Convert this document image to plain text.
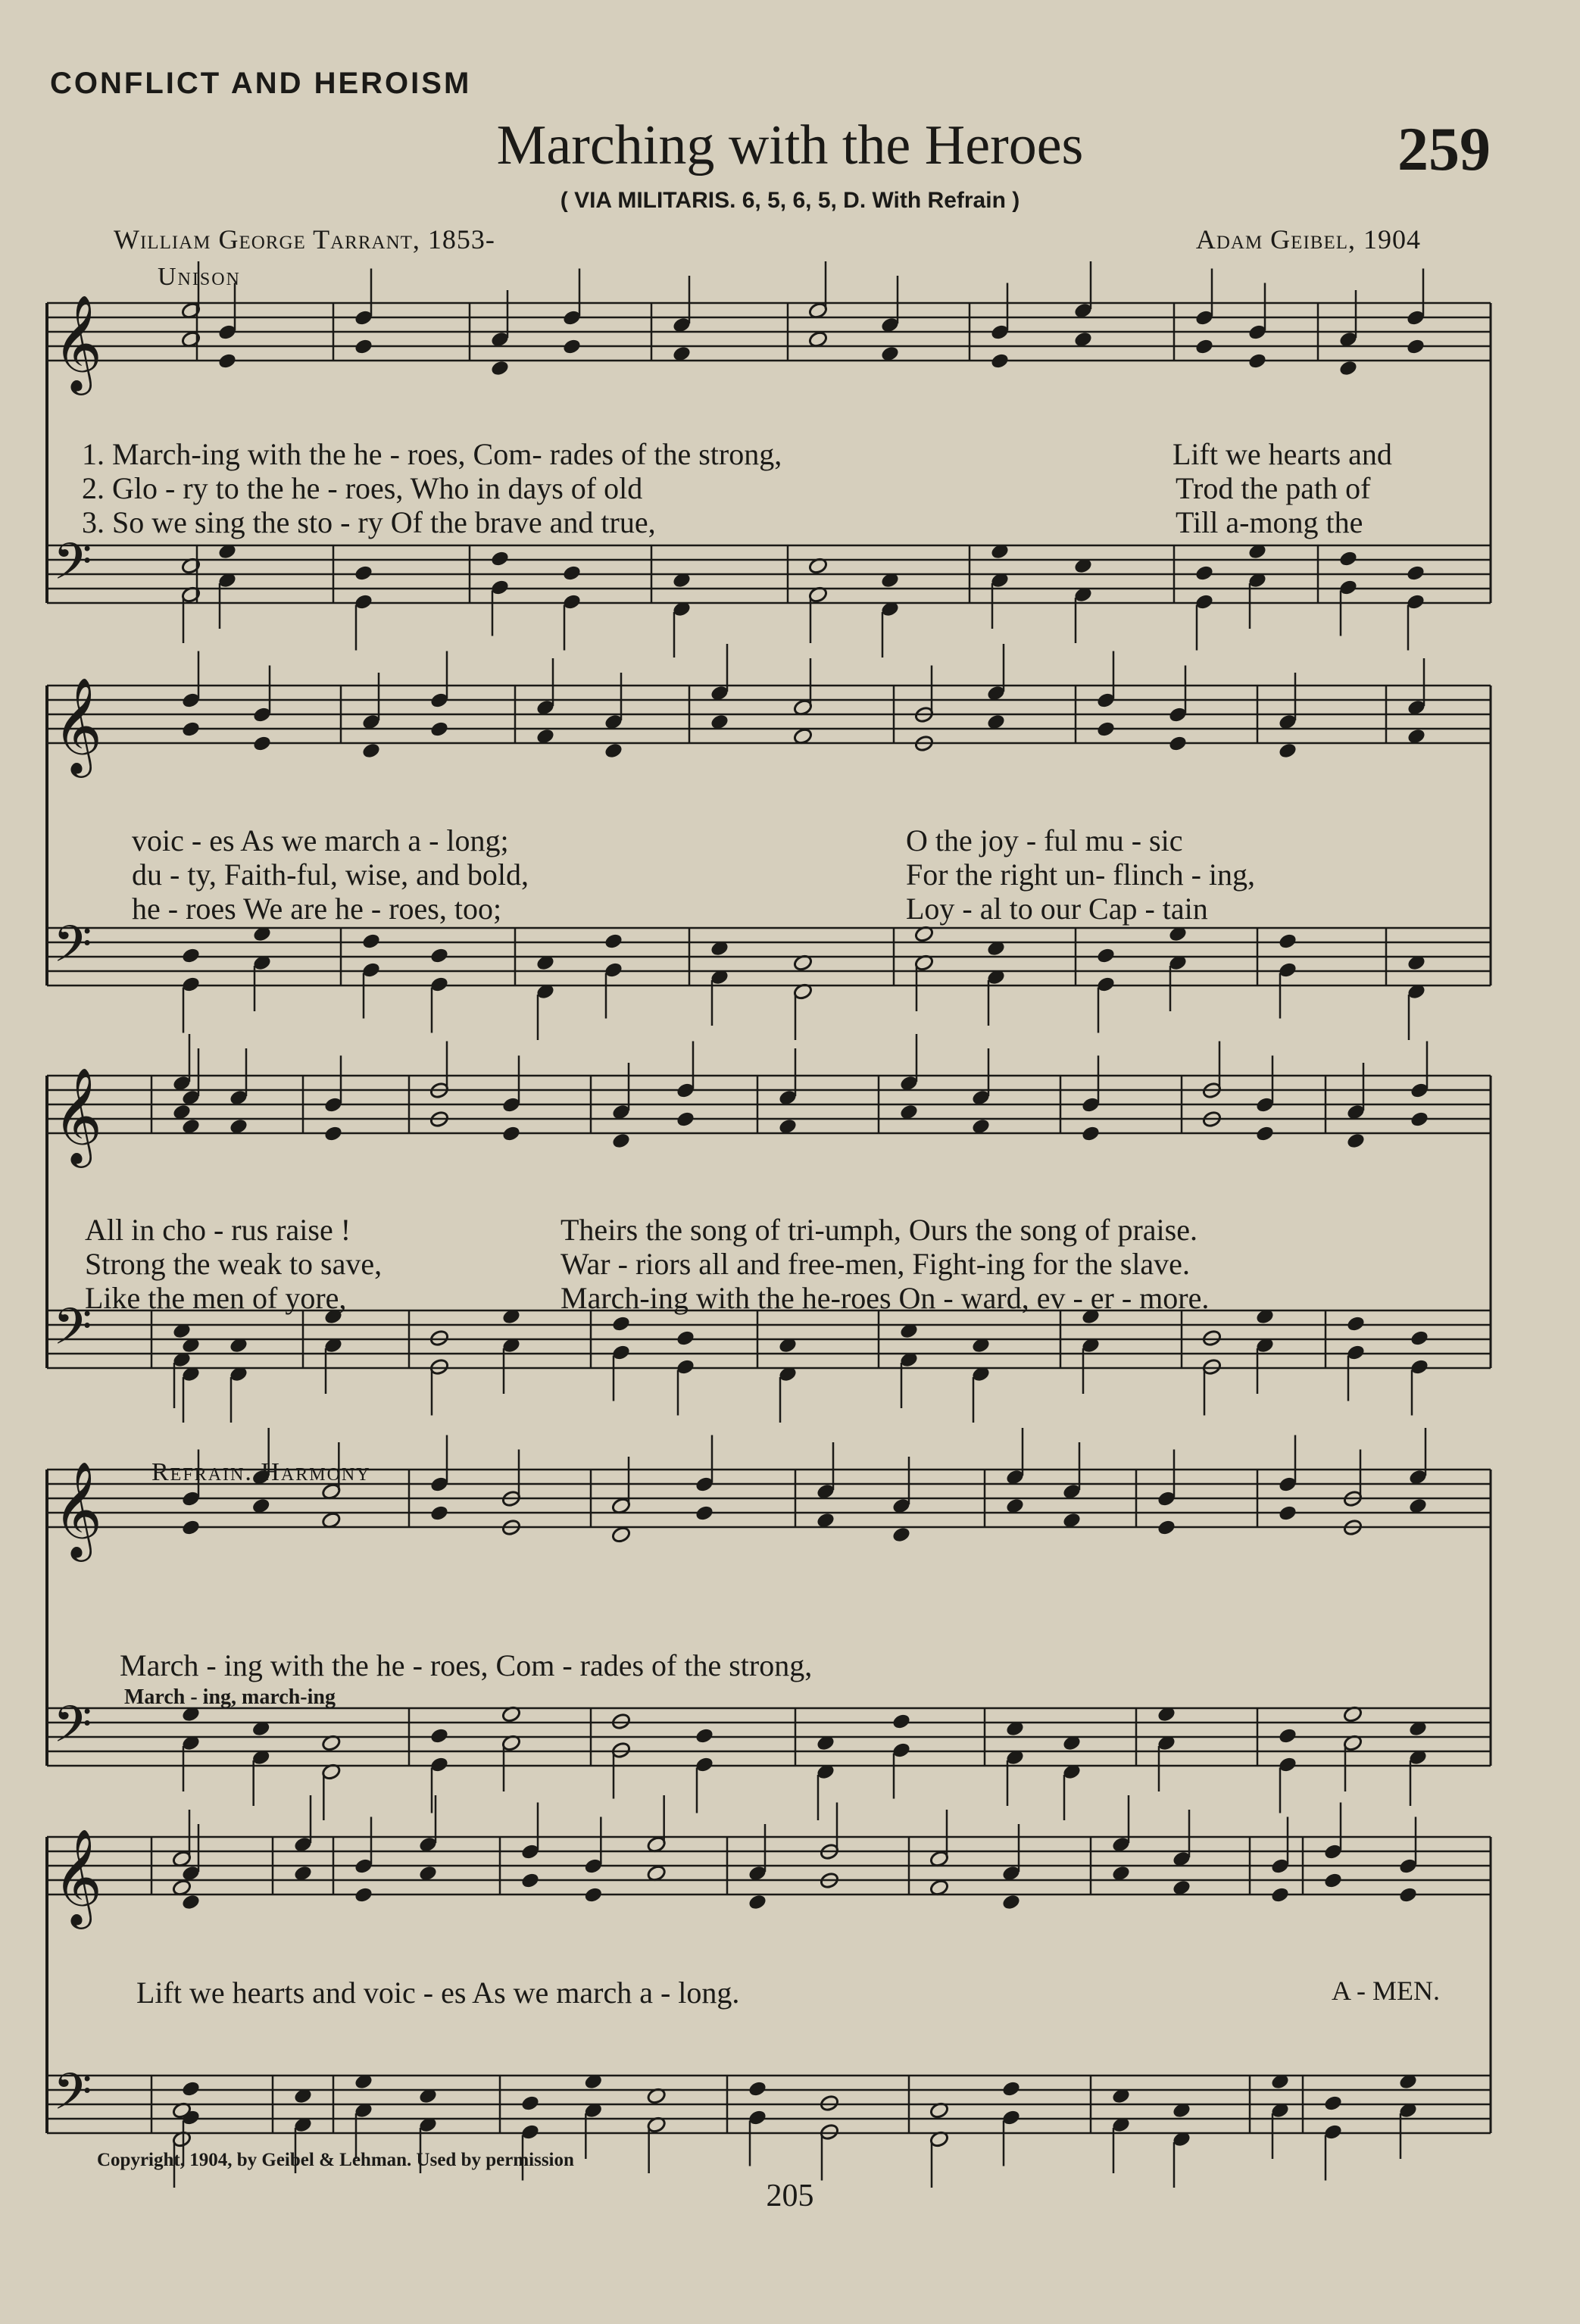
CONFLICT AND HEROISM
Marching with the Heroes	259
( VIA MILITARIS. 6, 5, 6, 5, D. With Refrain )
William George Tarrant, 1853-	Adam Geibel, 1904
Unison
𝄞
𝄢
𝄞
𝄢
𝄞
𝄢
𝄞
𝄢
𝄞
𝄢
1. March-ing with the he - roes, Com- rades of the strong,	Lift we hearts and
2. Glo - ry to the he - roes, Who in days of old	Trod the path of
3. So we sing the sto - ry Of the brave and true,	Till a-mong the
voic - es As we march a - long;	O the joy - ful mu - sic
du - ty, Faith-ful, wise, and bold,	For the right un- flinch - ing,
he - roes We are he - roes, too;	Loy - al to our Cap - tain
All in cho - rus raise !	Theirs the song of tri-umph, Ours the song of praise.
Strong the weak to save,	War - riors all and free-men, Fight-ing for the slave.
Like the men of yore,	March-ing with the he-roes On - ward, ev - er - more.
Refrain. Harmony
March - ing with the he - roes, Com - rades of the strong,
March - ing, march-ing
Lift we hearts and voic - es As we march a - long.	A - MEN.
Copyright, 1904, by Geibel & Lehman. Used by permission
205
